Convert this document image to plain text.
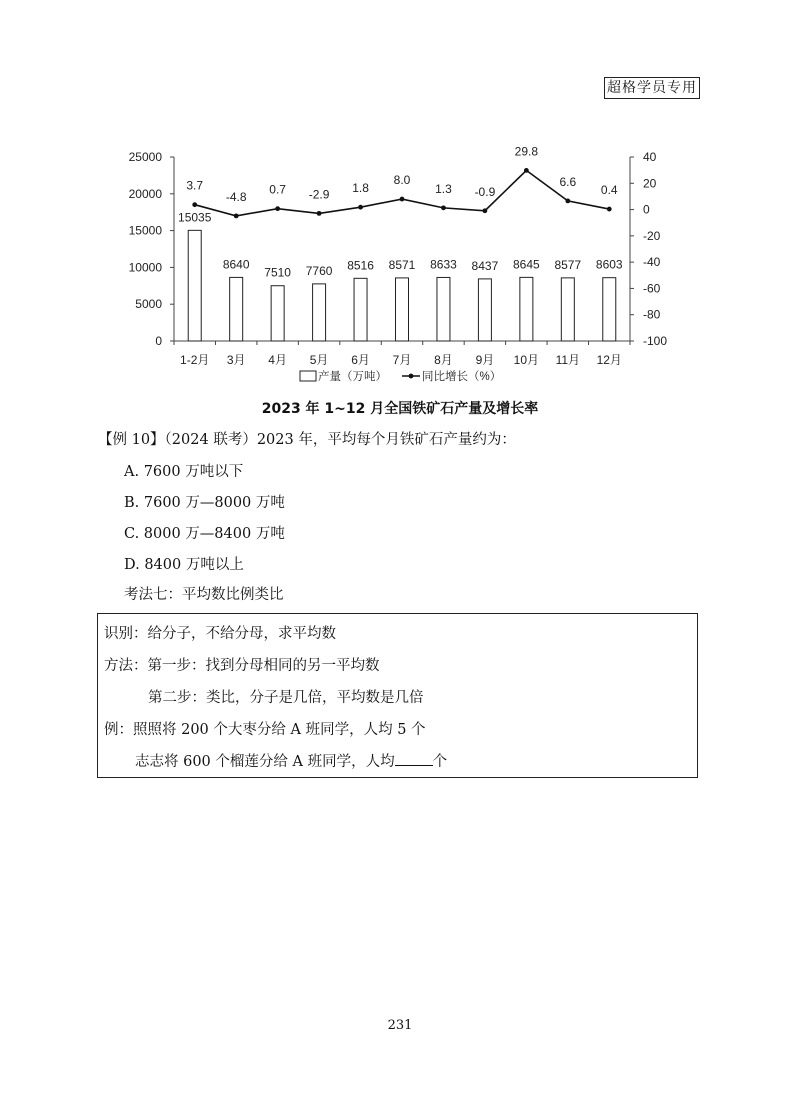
超格学员专用
0
5000
10000
15000
20000
25000
-100
-80
-60
-40
-20
0
20
40
1-2月 3月 4月 5月 6月 7月 8月 9月 10月 11月 12月
15035
8640
7510 7760 8516 8571 8633 8437 8645 8577 8603
3.7
-4.8
0.7 -2.9 1.8
8.0
1.3 -0.9
29.8
6.6
0.4
产量（万吨）	同比增长（%）
2023 年 1~12 月全国铁矿石产量及增长率
【例 10】（2024 联考）2023 年，平均每个月铁矿石产量约为：
A. 7600 万吨以下
B. 7600 万—8000 万吨
C. 8000 万—8400 万吨
D. 8400 万吨以上
考法七：平均数比例类比
识别：给分子，不给分母，求平均数
方法：第一步：找到分母相同的另一平均数
第二步：类比，分子是几倍，平均数是几倍
例：照照将 200 个大枣分给 A 班同学，人均 5 个
志志将 600 个榴莲分给 A 班同学，人均	个
231
